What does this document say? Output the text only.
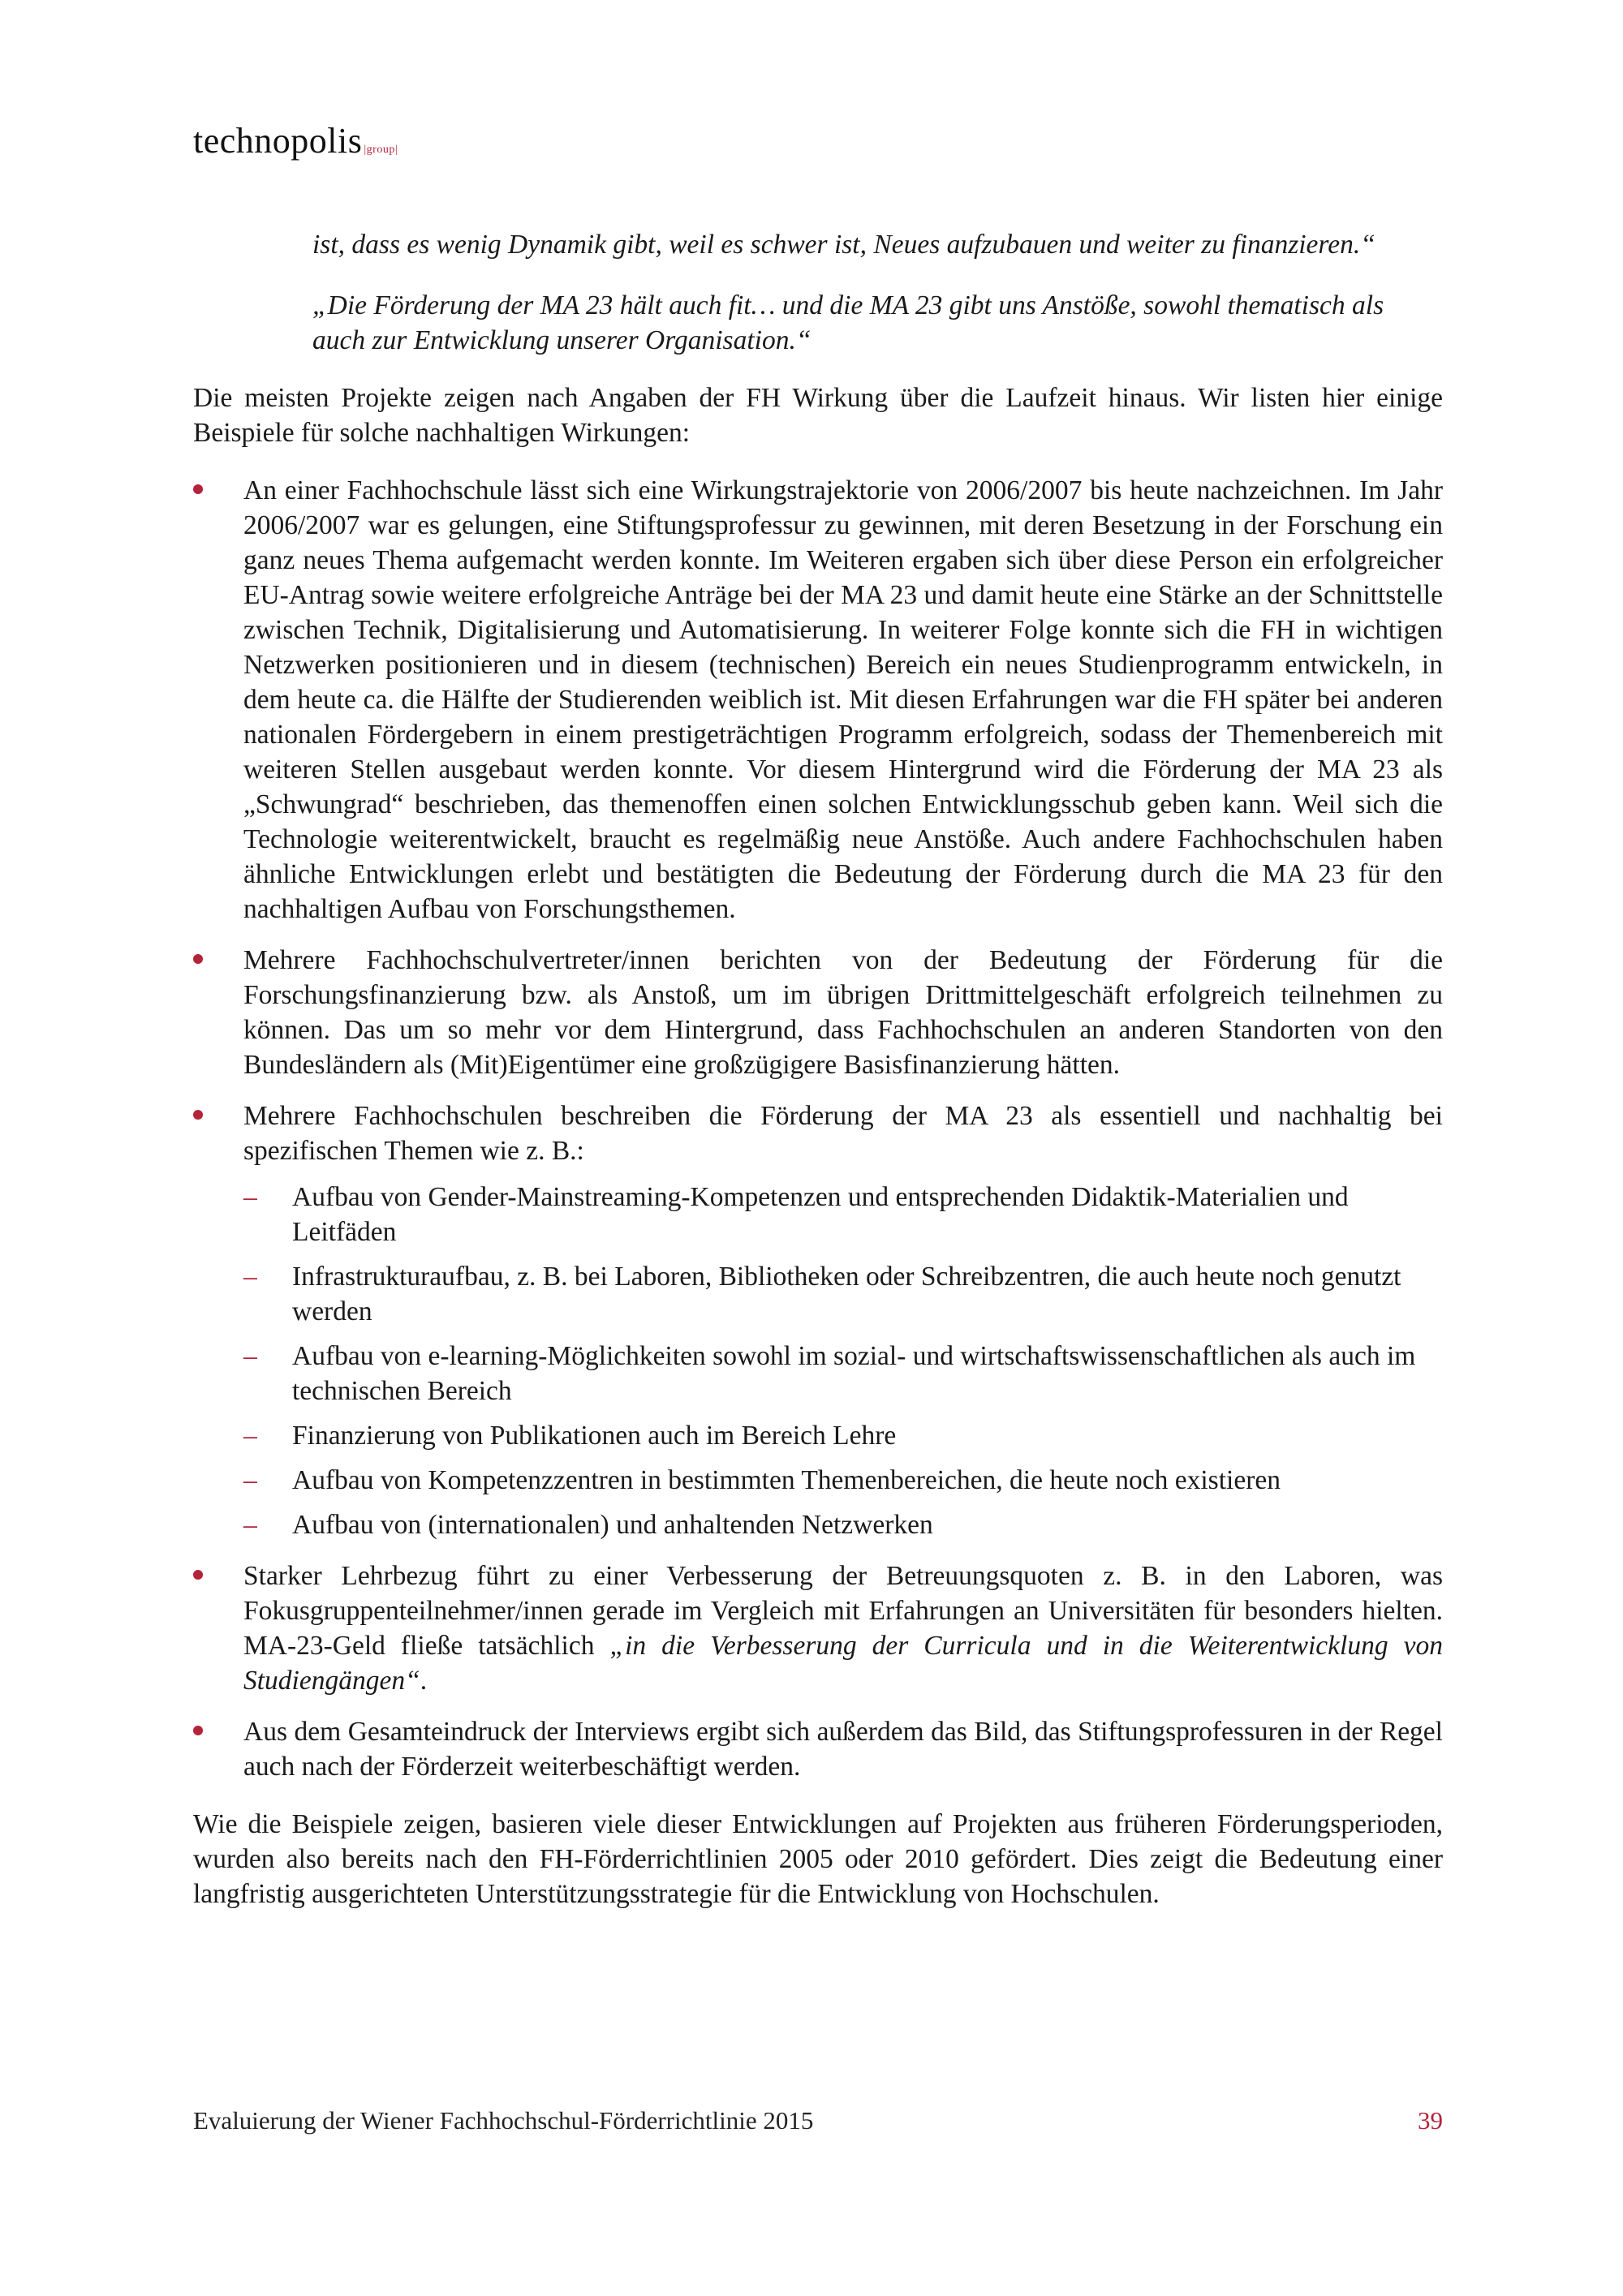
technopolis |group|
ist, dass es wenig Dynamik gibt, weil es schwer ist, Neues aufzubauen und weiter zu finanzieren.“
„Die Förderung der MA 23 hält auch fit… und die MA 23 gibt uns Anstöße, sowohl thematisch als auch zur Entwicklung unserer Organisation.“

Die meisten Projekte zeigen nach Angaben der FH Wirkung über die Laufzeit hinaus. Wir listen hier einige Beispiele für solche nachhaltigen Wirkungen:

An einer Fachhochschule lässt sich eine Wirkungstrajektorie von 2006/2007 bis heute nachzeichnen. Im Jahr 2006/2007 war es gelungen, eine Stiftungsprofessur zu gewinnen, mit deren Besetzung in der Forschung ein ganz neues Thema aufgemacht werden konnte. Im Weiteren ergaben sich über diese Person ein erfolgreicher EU-Antrag sowie weitere erfolgreiche Anträge bei der MA 23 und damit heute eine Stärke an der Schnittstelle zwischen Technik, Digitalisierung und Automatisierung. In weiterer Folge konnte sich die FH in wichtigen Netzwerken positionieren und in diesem (technischen) Bereich ein neues Studienprogramm entwickeln, in dem heute ca. die Hälfte der Studierenden weiblich ist. Mit diesen Erfahrungen war die FH später bei anderen nationalen Fördergebern in einem prestigeträchtigen Programm erfolgreich, sodass der Themenbereich mit weiteren Stellen ausgebaut werden konnte. Vor diesem Hintergrund wird die Förderung der MA 23 als „Schwungrad“ beschrieben, das themenoffen einen solchen Entwicklungsschub geben kann. Weil sich die Technologie weiterentwickelt, braucht es regelmäßig neue Anstöße. Auch andere Fachhochschulen haben ähnliche Entwicklungen erlebt und bestätigten die Bedeutung der Förderung durch die MA 23 für den nachhaltigen Aufbau von Forschungsthemen.
Mehrere Fachhochschulvertreter/innen berichten von der Bedeutung der Förderung für die Forschungsfinanzierung bzw. als Anstoß, um im übrigen Drittmittelgeschäft erfolgreich teilnehmen zu können. Das um so mehr vor dem Hintergrund, dass Fachhochschulen an anderen Standorten von den Bundesländern als (Mit)Eigentümer eine großzügigere Basisfinanzierung hätten.
Mehrere Fachhochschulen beschreiben die Förderung der MA 23 als essentiell und nachhaltig bei spezifischen Themen wie z. B.:
– Aufbau von Gender-Mainstreaming-Kompetenzen und entsprechenden Didaktik-Materialien und Leitfäden
– Infrastrukturaufbau, z. B. bei Laboren, Bibliotheken oder Schreibzentren, die auch heute noch genutzt werden
– Aufbau von e-learning-Möglichkeiten sowohl im sozial- und wirtschaftswissenschaftlichen als auch im technischen Bereich
– Finanzierung von Publikationen auch im Bereich Lehre
– Aufbau von Kompetenzzentren in bestimmten Themenbereichen, die heute noch existieren
– Aufbau von (internationalen) und anhaltenden Netzwerken
Starker Lehrbezug führt zu einer Verbesserung der Betreuungsquoten z. B. in den Laboren, was Fokusgruppenteilnehmer/innen gerade im Vergleich mit Erfahrungen an Universitäten für besonders hielten. MA-23-Geld fließe tatsächlich „in die Verbesserung der Curricula und in die Weiterentwicklung von Studiengängen“.
Aus dem Gesamteindruck der Interviews ergibt sich außerdem das Bild, das Stiftungsprofessuren in der Regel auch nach der Förderzeit weiterbeschäftigt werden.

Wie die Beispiele zeigen, basieren viele dieser Entwicklungen auf Projekten aus früheren Förderungsperioden, wurden also bereits nach den FH-Förderrichtlinien 2005 oder 2010 gefördert. Dies zeigt die Bedeutung einer langfristig ausgerichteten Unterstützungsstrategie für die Entwicklung von Hochschulen.

Evaluierung der Wiener Fachhochschul-Förderrichtlinie 2015	39
